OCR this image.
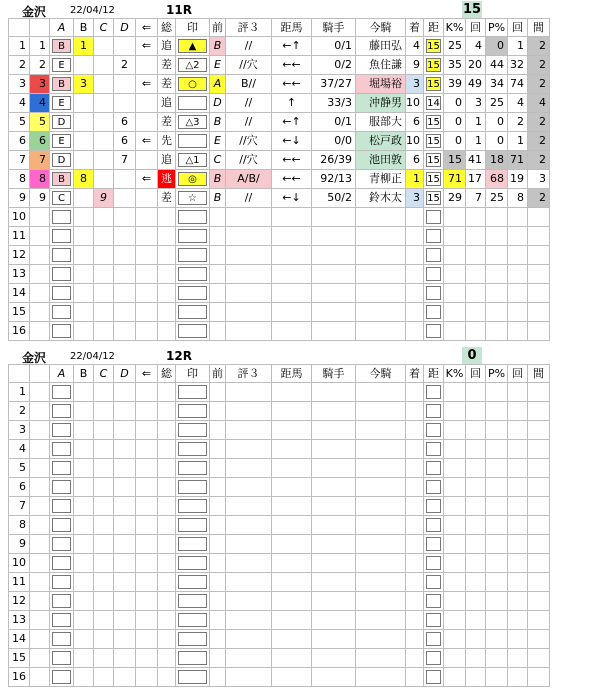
金沢 22/04/12	11R	15
		A	B	C	D	⇐	総	印	前	評３	距馬	騎手	今騎	着	距	K%	回	P%	回	間
1	1	B	1			⇐	追	▲	B	//	←↑	0/1	藤田弘	4	15	25	4	0	1	2
2	2	E			2		差	△2	E	//穴	←←	0/2	魚住謙	9	15	35	20	44	32	2
3	3	B	3			⇐	差	○	A	B//	←←	37/27	堀場裕	3	15	39	49	34	74	2
4	4	E					追		D	//	↑	33/3	沖静男	10	14	0	3	25	4	4
5	5	D			6		差	△3	B	//	←↑	0/1	服部大	6	15	0	1	0	2	2
6	6	E			6	⇐	先		E	//穴	←↓	0/0	松戸政	10	15	0	1	0	1	2
7	7	D			7		追	△1	C	//穴	←←	26/39	池田敦	6	15	15	41	18	71	2
8	8	B	8			⇐	逃	◎	B	A/B/	←←	92/13	青柳正	1	15	71	17	68	19	3
9	9	C		9			差	☆	B	//	←↓	50/2	鈴木太	3	15	29	7	25	8	2
10		

11		

12		

13		

14		

15		

16		

金沢 22/04/12	12R	0
		A	B	C	D	⇐	総	印	前	評３	距馬	騎手	今騎	着	距	K%	回	P%	回	間
1		

2		

3		

4		

5		

6		

7		

8		

9		

10		

11		

12		

13		

14		

15		

16		
